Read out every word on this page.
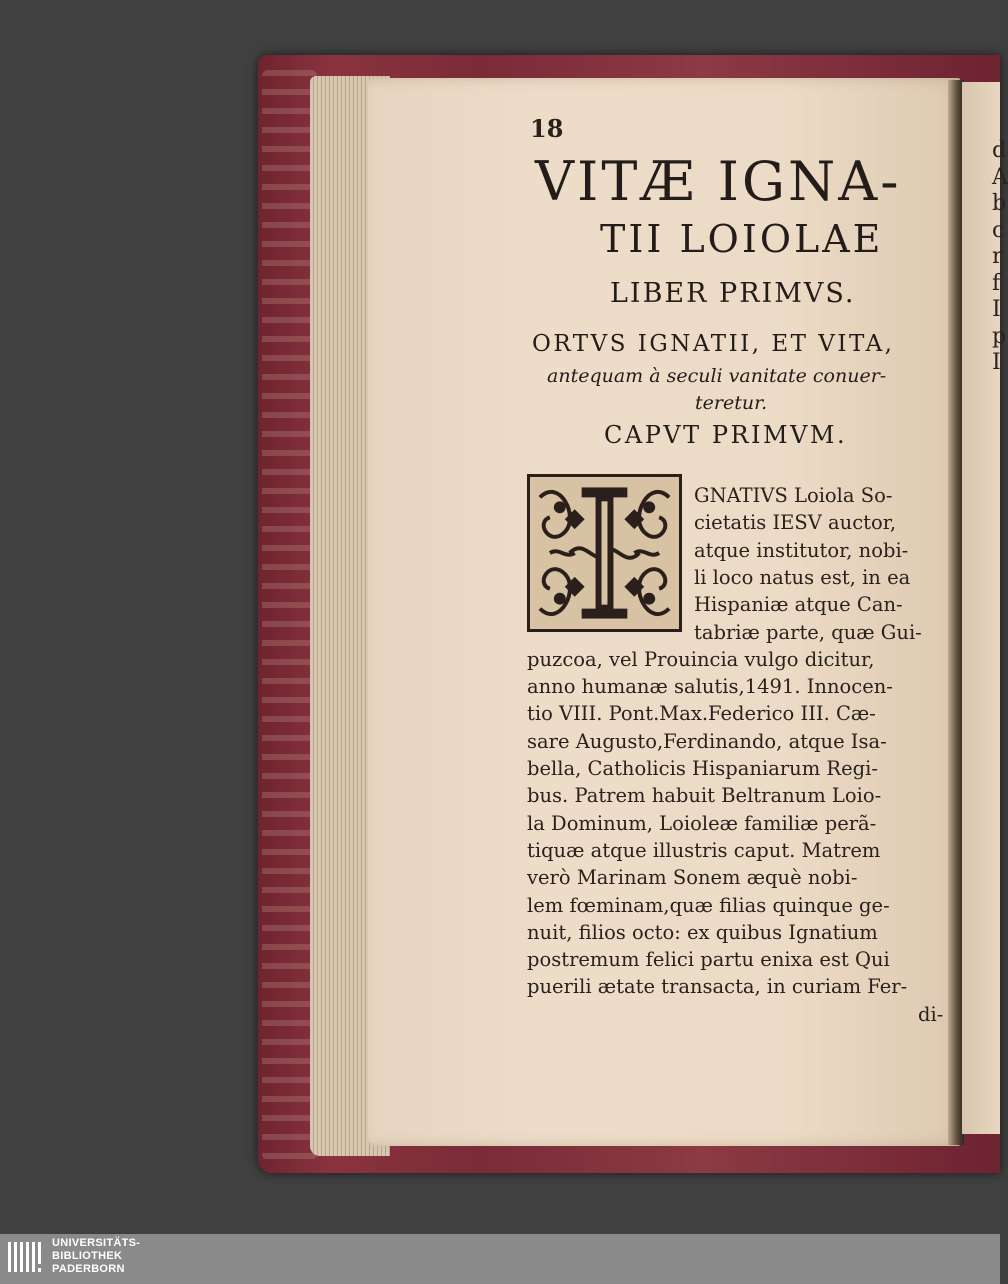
d
A
b
c
r
f
I
p
I
18
VITÆ IGNA-
TII LOIOLAE
LIBER PRIMVS.
ORTVS IGNATII, ET VITA,
antequam à seculi vanitate conuer-
teretur.
CAPVT PRIMVM.
GNATIVS Loiola So-
cietatis IESV auctor,
atque institutor, nobi-
li loco natus est, in ea
Hispaniæ atque Can-
tabriæ parte, quæ Gui-
puzcoa, vel Prouincia vulgo dicitur,
anno humanæ salutis,1491. Innocen-
tio VIII. Pont.Max.Federico III. Cæ-
sare Augusto,Ferdinando, atque Isa-
bella, Catholicis Hispaniarum Regi-
bus. Patrem habuit Beltranum Loio-
la Dominum, Loioleæ familiæ perã-
tiquæ atque illustris caput. Matrem
verò Marinam Sonem æquè nobi-
lem fœminam,quæ filias quinque ge-
nuit, filios octo: ex quibus Ignatium
postremum felici partu enixa est Qui
puerili ætate transacta, in curiam Fer-
di-
UNIVERSITÄTS-
BIBLIOTHEK
PADERBORN
